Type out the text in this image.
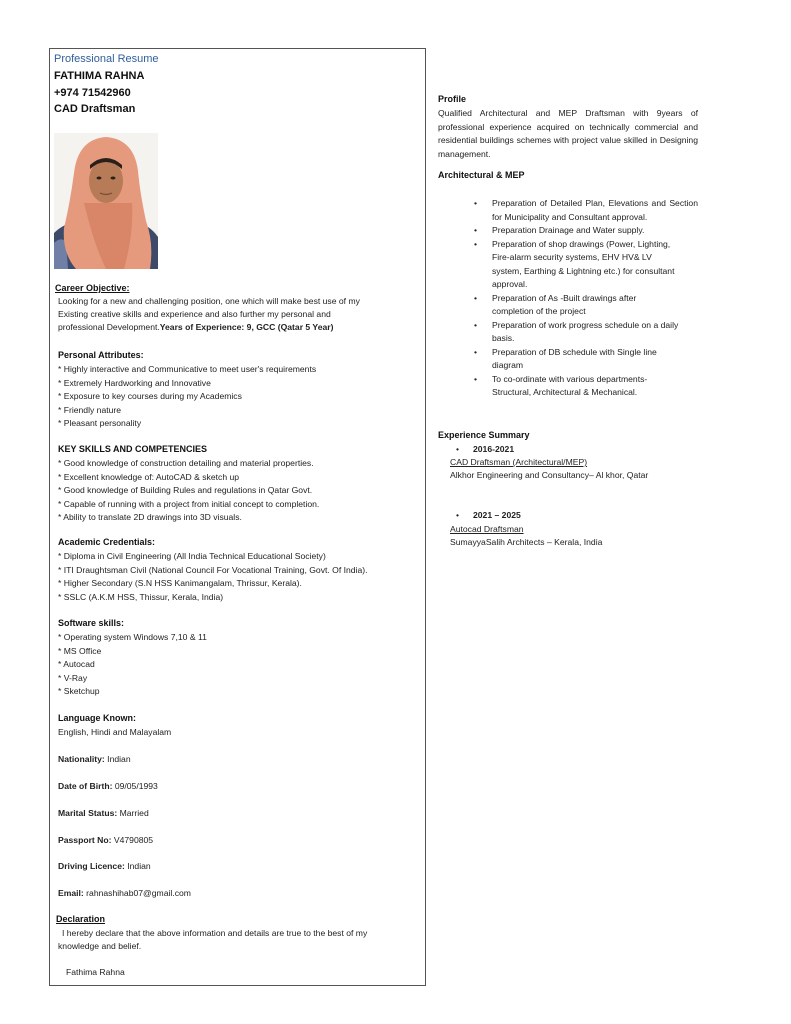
Professional Resume
FATHIMA RAHNA
+974 71542960
CAD Draftsman
Career Objective:
Looking for a new and challenging position, one which will make best use of my
Existing creative skills and experience and also further my personal and
professional Development.Years of Experience: 9, GCC (Qatar 5 Year)
Personal Attributes:
* Highly interactive and Communicative to meet user's requirements
* Extremely Hardworking and Innovative
* Exposure to key courses during my Academics
* Friendly nature
* Pleasant personality
KEY SKILLS AND COMPETENCIES
* Good knowledge of construction detailing and material properties.
* Excellent knowledge of: AutoCAD & sketch up
* Good knowledge of Building Rules and regulations in Qatar Govt.
* Capable of running with a project from initial concept to completion.
* Ability to translate 2D drawings into 3D visuals.
Academic Credentials:
* Diploma in Civil Engineering (All India Technical Educational Society)
* ITI Draughtsman Civil (National Council For Vocational Training, Govt. Of India).
* Higher Secondary (S.N HSS Kanimangalam, Thrissur, Kerala).
* SSLC (A.K.M HSS, Thissur, Kerala, India)
Software skills:
* Operating system Windows 7,10 & 11
* MS Office
* Autocad
* V-Ray
* Sketchup
Language Known:
English, Hindi and Malayalam
Nationality: Indian
Date of Birth: 09/05/1993
Marital Status: Married
Passport No: V4790805
Driving Licence: Indian
Email: rahnashihab07@gmail.com
Declaration
I hereby declare that the above information and details are true to the best of my
knowledge and belief.
Fathima Rahna
Profile
Qualified Architectural and MEP Draftsman with 9years of professional experience acquired on technically commercial and residential buildings schemes with project value skilled in Designing management.
Architectural & MEP
• Preparation of Detailed Plan, Elevations and Section for Municipality and Consultant approval.
• Preparation Drainage and Water supply.
• Preparation of shop drawings (Power, Lighting, Fire-alarm security systems, EHV HV& LV system, Earthing & Lightning etc.) for consultant approval.
• Preparation of As -Built drawings after completion of the project
• Preparation of work progress schedule on a daily basis.
• Preparation of DB schedule with Single line diagram
• To co-ordinate with various departments- Structural, Architectural & Mechanical.
Experience Summary
• 2016-2021
CAD Draftsman (Architectural/MEP)
Alkhor Engineering and Consultancy– Al khor, Qatar
• 2021 – 2025
Autocad Draftsman
SumayyaSalih Architects – Kerala, India
